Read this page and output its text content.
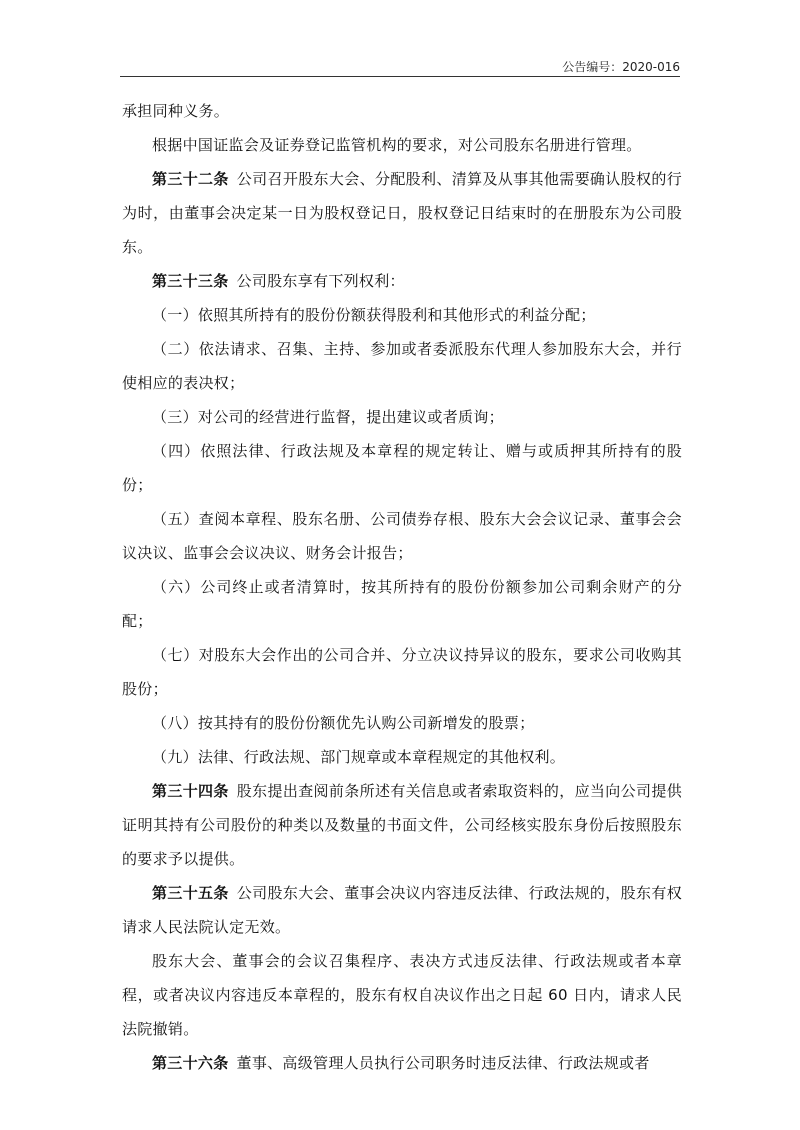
公告编号：2020-016

承担同种义务。

根据中国证监会及证券登记监管机构的要求，对公司股东名册进行管理。

第三十二条 公司召开股东大会、分配股利、清算及从事其他需要确认股权的行为时，由董事会决定某一日为股权登记日，股权登记日结束时的在册股东为公司股东。

第三十三条 公司股东享有下列权利：

（一）依照其所持有的股份份额获得股利和其他形式的利益分配；

（二）依法请求、召集、主持、参加或者委派股东代理人参加股东大会，并行使相应的表决权；

（三）对公司的经营进行监督，提出建议或者质询；

（四）依照法律、行政法规及本章程的规定转让、赠与或质押其所持有的股份；

（五）查阅本章程、股东名册、公司债券存根、股东大会会议记录、董事会会议决议、监事会会议决议、财务会计报告；

（六）公司终止或者清算时，按其所持有的股份份额参加公司剩余财产的分配；

（七）对股东大会作出的公司合并、分立决议持异议的股东，要求公司收购其股份；

（八）按其持有的股份份额优先认购公司新增发的股票；

（九）法律、行政法规、部门规章或本章程规定的其他权利。

第三十四条 股东提出查阅前条所述有关信息或者索取资料的，应当向公司提供证明其持有公司股份的种类以及数量的书面文件，公司经核实股东身份后按照股东的要求予以提供。

第三十五条 公司股东大会、董事会决议内容违反法律、行政法规的，股东有权请求人民法院认定无效。

股东大会、董事会的会议召集程序、表决方式违反法律、行政法规或者本章程，或者决议内容违反本章程的，股东有权自决议作出之日起 60 日内，请求人民法院撤销。

第三十六条 董事、高级管理人员执行公司职务时违反法律、行政法规或者
